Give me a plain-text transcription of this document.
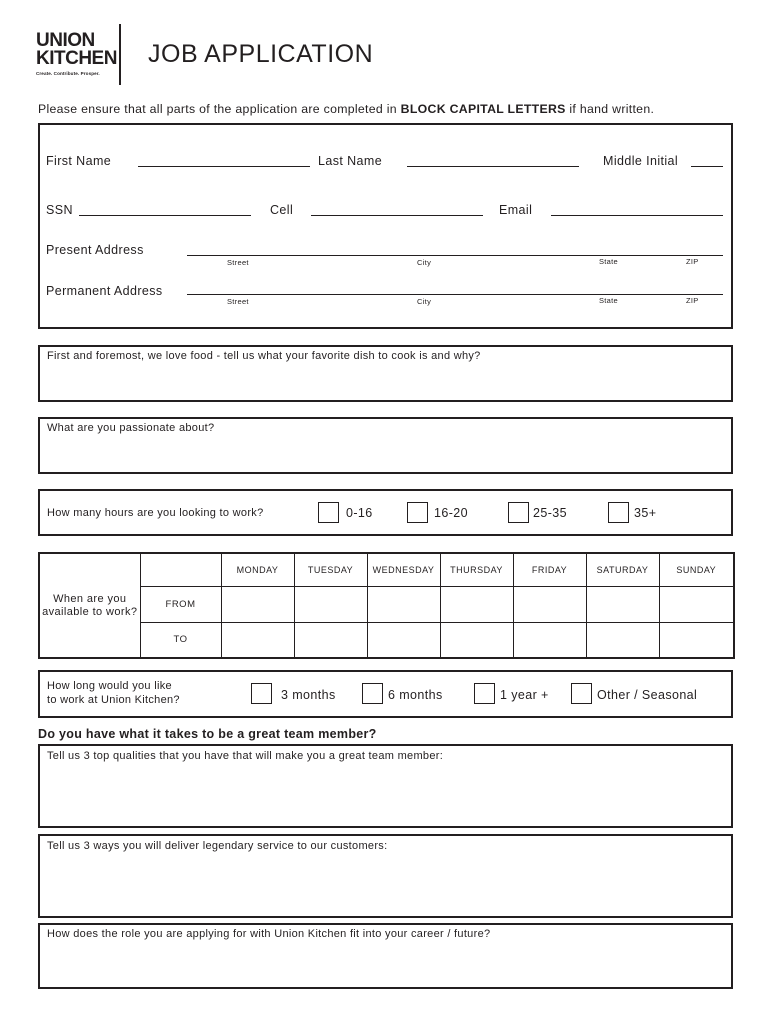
UNION
KITCHEN
Create. Contribute. Prosper.
JOB APPLICATION
Please ensure that all parts of the application are completed in BLOCK CAPITAL LETTERS if hand written.
First Name	Last Name	Middle Initial
SSN	Cell	Email
Present Address
Street	City	State	ZIP
Permanent Address
Street	City	State	ZIP
First and foremost, we love food - tell us what your favorite dish to cook is and why?
What are you passionate about?
How many hours are you looking to work?	0-16	16-20	25-35	35+
When are you available to work?		MONDAY	TUESDAY	WEDNESDAY	THURSDAY	FRIDAY	SATURDAY	SUNDAY
	FROM							
	TO							
How long would you like
to work at Union Kitchen?	3 months	6 months	1 year +	Other / Seasonal
Do you have what it takes to be a great team member?
Tell us 3 top qualities that you have that will make you a great team member:
Tell us 3 ways you will deliver legendary service to our customers:
How does the role you are applying for with Union Kitchen fit into your career / future?
